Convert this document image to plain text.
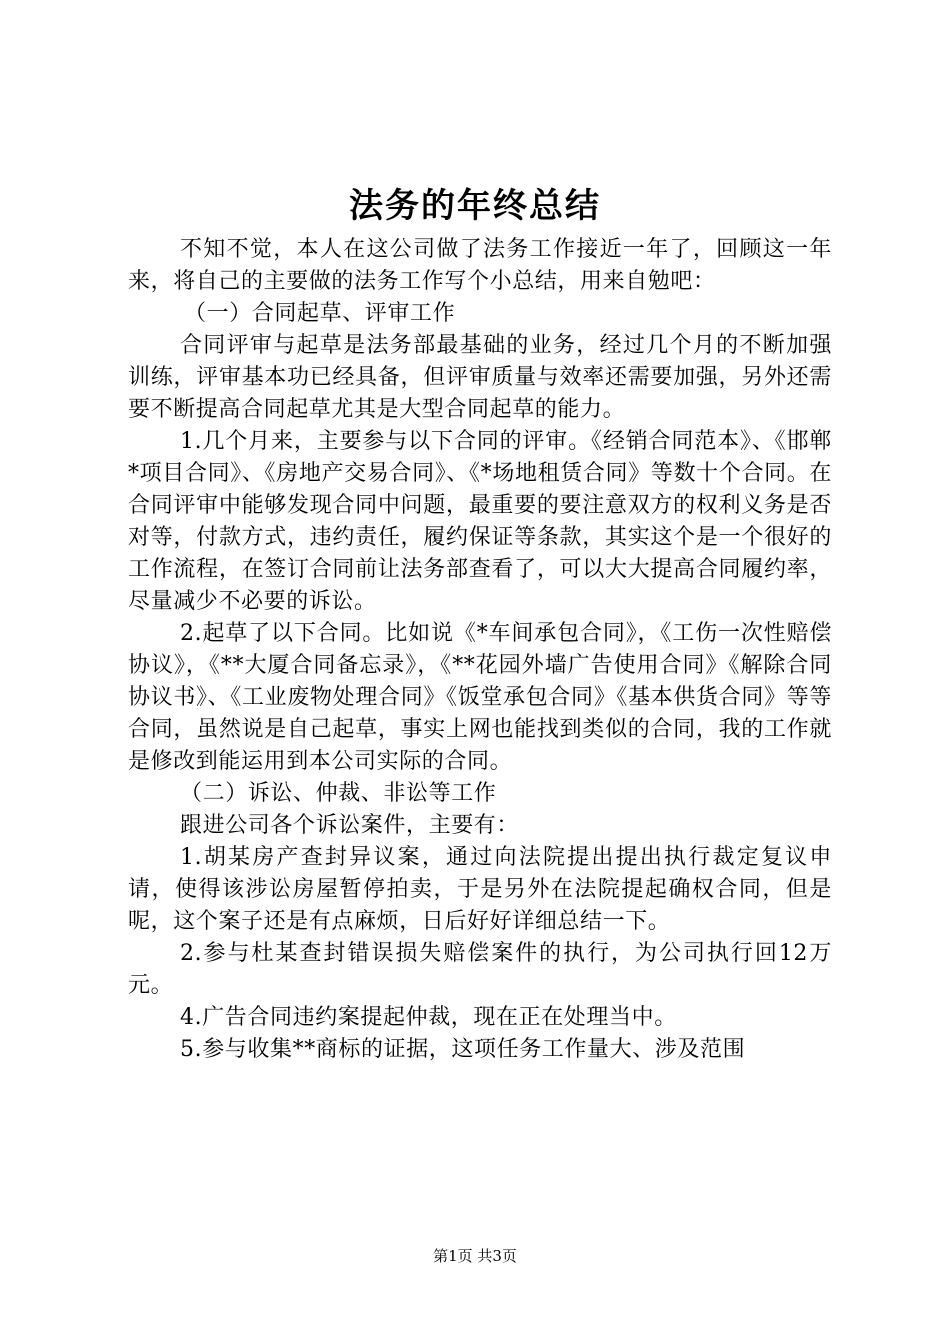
法务的年终总结

不知不觉，本人在这公司做了法务工作接近一年了，回顾这一年来，将自己的主要做的法务工作写个小总结，用来自勉吧：

（一）合同起草、评审工作

合同评审与起草是法务部最基础的业务，经过几个月的不断加强训练，评审基本功已经具备，但评审质量与效率还需要加强，另外还需要不断提高合同起草尤其是大型合同起草的能力。

1.几个月来，主要参与以下合同的评审。《经销合同范本》、《邯郸*项目合同》、《房地产交易合同》、《*场地租赁合同》等数十个合同。在合同评审中能够发现合同中问题，最重要的要注意双方的权利义务是否对等，付款方式，违约责任，履约保证等条款，其实这个是一个很好的工作流程，在签订合同前让法务部查看了，可以大大提高合同履约率，尽量减少不必要的诉讼。

2.起草了以下合同。比如说《*车间承包合同》，《工伤一次性赔偿协议》，《**大厦合同备忘录》，《**花园外墙广告使用合同》《解除合同协议书》、《工业废物处理合同》《饭堂承包合同》《基本供货合同》等等合同，虽然说是自己起草，事实上网也能找到类似的合同，我的工作就是修改到能运用到本公司实际的合同。

（二）诉讼、仲裁、非讼等工作

跟进公司各个诉讼案件，主要有：

1.胡某房产查封异议案，通过向法院提出提出执行裁定复议申请，使得该涉讼房屋暂停拍卖，于是另外在法院提起确权合同，但是呢，这个案子还是有点麻烦，日后好好详细总结一下。

2.参与杜某查封错误损失赔偿案件的执行，为公司执行回12万元。

4.广告合同违约案提起仲裁，现在正在处理当中。

5.参与收集**商标的证据，这项任务工作量大、涉及范围

第1页 共3页
